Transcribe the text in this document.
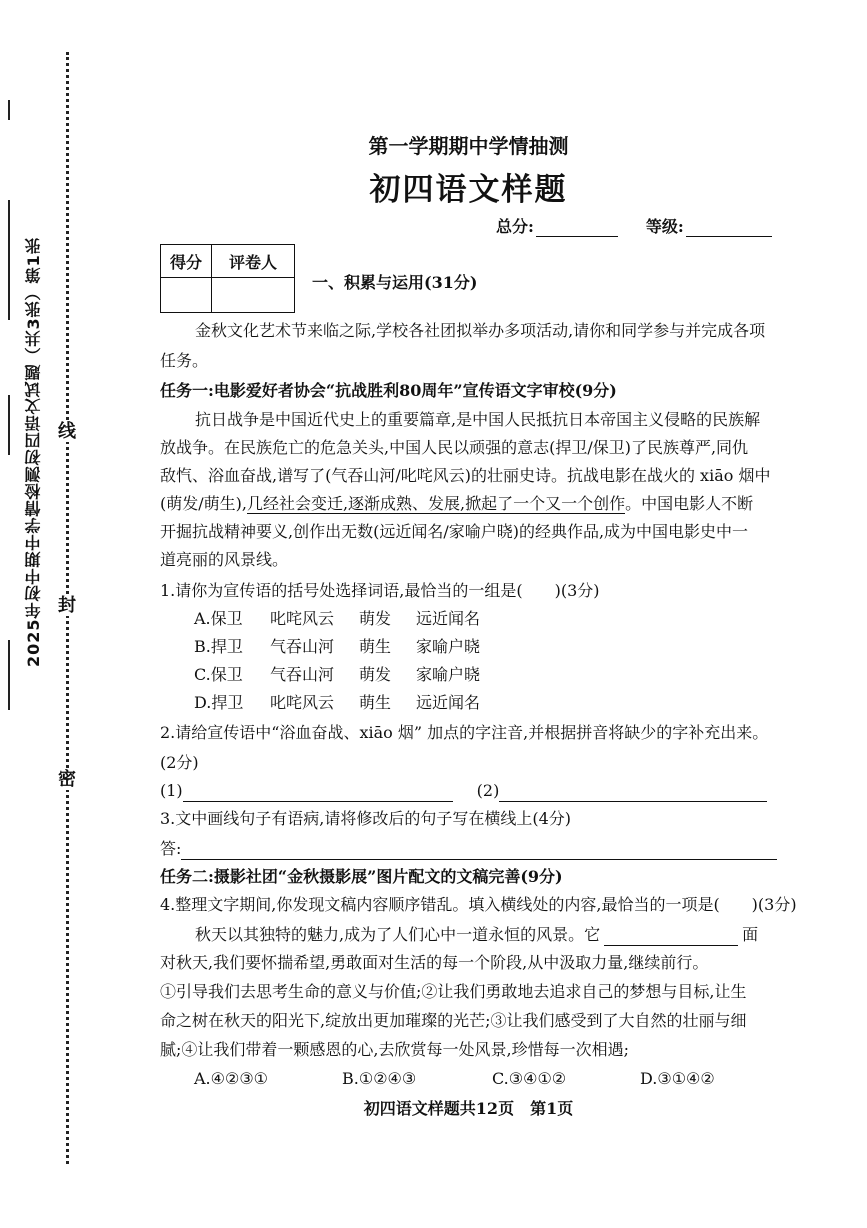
2025年初中期中学情检测初四语文试题（共3张）第1张 线
封
密
第一学期期中学情抽测
初四语文样题
总分:	等级:
得分	评卷人

一、积累与运用(31分)
金秋文化艺术节来临之际,学校各社团拟举办多项活动,请你和同学参与并完成各项
任务。
任务一:电影爱好者协会“抗战胜利80周年”宣传语文字审校(9分)
抗日战争是中国近代史上的重要篇章,是中国人民抵抗日本帝国主义侵略的民族解
放战争。在民族危亡的危急关头,中国人民以顽强的意志(捍卫/保卫)了民族尊严,同仇
敌忾、浴血奋战,谱写了(气吞山河/叱咤风云)的壮丽史诗。抗战电影在战火的 xiāo 烟中
(萌发/萌生),几经社会变迁,逐渐成熟、发展,掀起了一个又一个创作。中国电影人不断
开掘抗战精神要义,创作出无数(远近闻名/家喻户晓)的经典作品,成为中国电影史中一
道亮丽的风景线。
1.请你为宣传语的括号处选择词语,最恰当的一组是(　　)(3分)
A.保卫 叱咤风云 萌发 远近闻名
B.捍卫 气吞山河 萌生 家喻户晓
C.保卫 气吞山河 萌发 家喻户晓
D.捍卫 叱咤风云 萌生 远近闻名
2.请给宣传语中“浴血奋战、xiāo 烟” 加点的字注音,并根据拼音将缺少的字补充出来。
(2分)
(1)	(2)
3.文中画线句子有语病,请将修改后的句子写在横线上(4分)
答:
任务二:摄影社团“金秋摄影展”图片配文的文稿完善(9分)
4.整理文字期间,你发现文稿内容顺序错乱。填入横线处的内容,最恰当的一项是(　　)(3分)
秋天以其独特的魅力,成为了人们心中一道永恒的风景。它	面
对秋天,我们要怀揣希望,勇敢面对生活的每一个阶段,从中汲取力量,继续前行。
①引导我们去思考生命的意义与价值;②让我们勇敢地去追求自己的梦想与目标,让生
命之树在秋天的阳光下,绽放出更加璀璨的光芒;③让我们感受到了大自然的壮丽与细
腻;④让我们带着一颗感恩的心,去欣赏每一处风景,珍惜每一次相遇;
A.④②③①	B.①②④③	C.③④①②	D.③①④②
初四语文样题共12页　第1页
